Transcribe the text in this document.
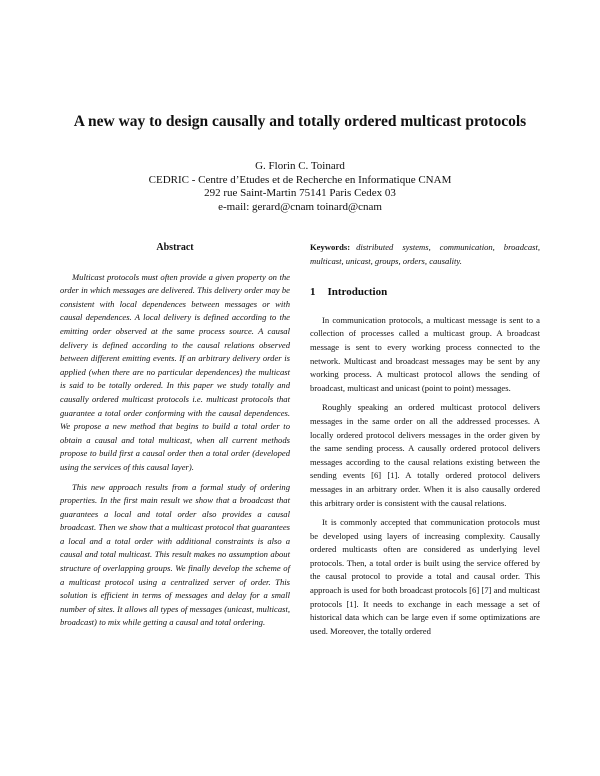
A new way to design causally and totally ordered multicast protocols
G. Florin C. Toinard
CEDRIC - Centre d’Etudes et de Recherche en Informatique CNAM
292 rue Saint-Martin 75141 Paris Cedex 03
e-mail: gerard@cnam toinard@cnam
Abstract

Multicast protocols must often provide a given property on the order in which messages are delivered. This delivery order may be consistent with local dependences between messages or with causal dependences. A local delivery is defined according to the emitting order observed at the same process source. A causal delivery is defined according to the causal relations observed between different emitting events. If an arbitrary delivery order is applied (when there are no particular dependences) the multicast is said to be totally ordered. In this paper we study totally and causally ordered multicast protocols i.e. multicast protocols that guarantee a total order conforming with the causal dependences. We propose a new method that begins to build a total order to obtain a causal and total multicast, when all current methods propose to build first a causal order then a total order (developed using the services of this causal layer).

This new approach results from a formal study of ordering properties. In the first main result we show that a broadcast that guarantees a local and total order also provides a causal broadcast. Then we show that a multicast protocol that guarantees a local and a total order with additional constraints is also a causal and total multicast. This result makes no assumption about structure of overlapping groups. We finally develop the scheme of a multicast protocol using a centralized server of order. This solution is efficient in terms of messages and delay for a small number of sites. It allows all types of messages (unicast, multicast, broadcast) to mix while getting a causal and total ordering.

Keywords: distributed systems, communication, broadcast, multicast, unicast, groups, orders, causality.

1 Introduction

In communication protocols, a multicast message is sent to a collection of processes called a multicast group. A broadcast message is sent to every working process connected to the network. Multicast and broadcast messages may be sent by any working process. A multicast protocol allows the sending of broadcast, multicast and unicast (point to point) messages.

Roughly speaking an ordered multicast protocol delivers messages in the same order on all the addressed processes. A locally ordered protocol delivers messages in the order given by the same sending process. A causally ordered protocol delivers messages according to the causal relations existing between the sending events [6] [1]. A totally ordered protocol delivers messages in an arbitrary order. When it is also causally ordered this arbitrary order is consistent with the causal relations.

It is commonly accepted that communication protocols must be developed using layers of increasing complexity. Causally ordered multicasts often are considered as underlying level protocols. Then, a total order is built using the service offered by the causal protocol to provide a total and causal order. This approach is used for both broadcast protocols [6] [7] and multicast protocols [1]. It needs to exchange in each message a set of historical data which can be large even if some optimizations are used. Moreover, the totally ordered
